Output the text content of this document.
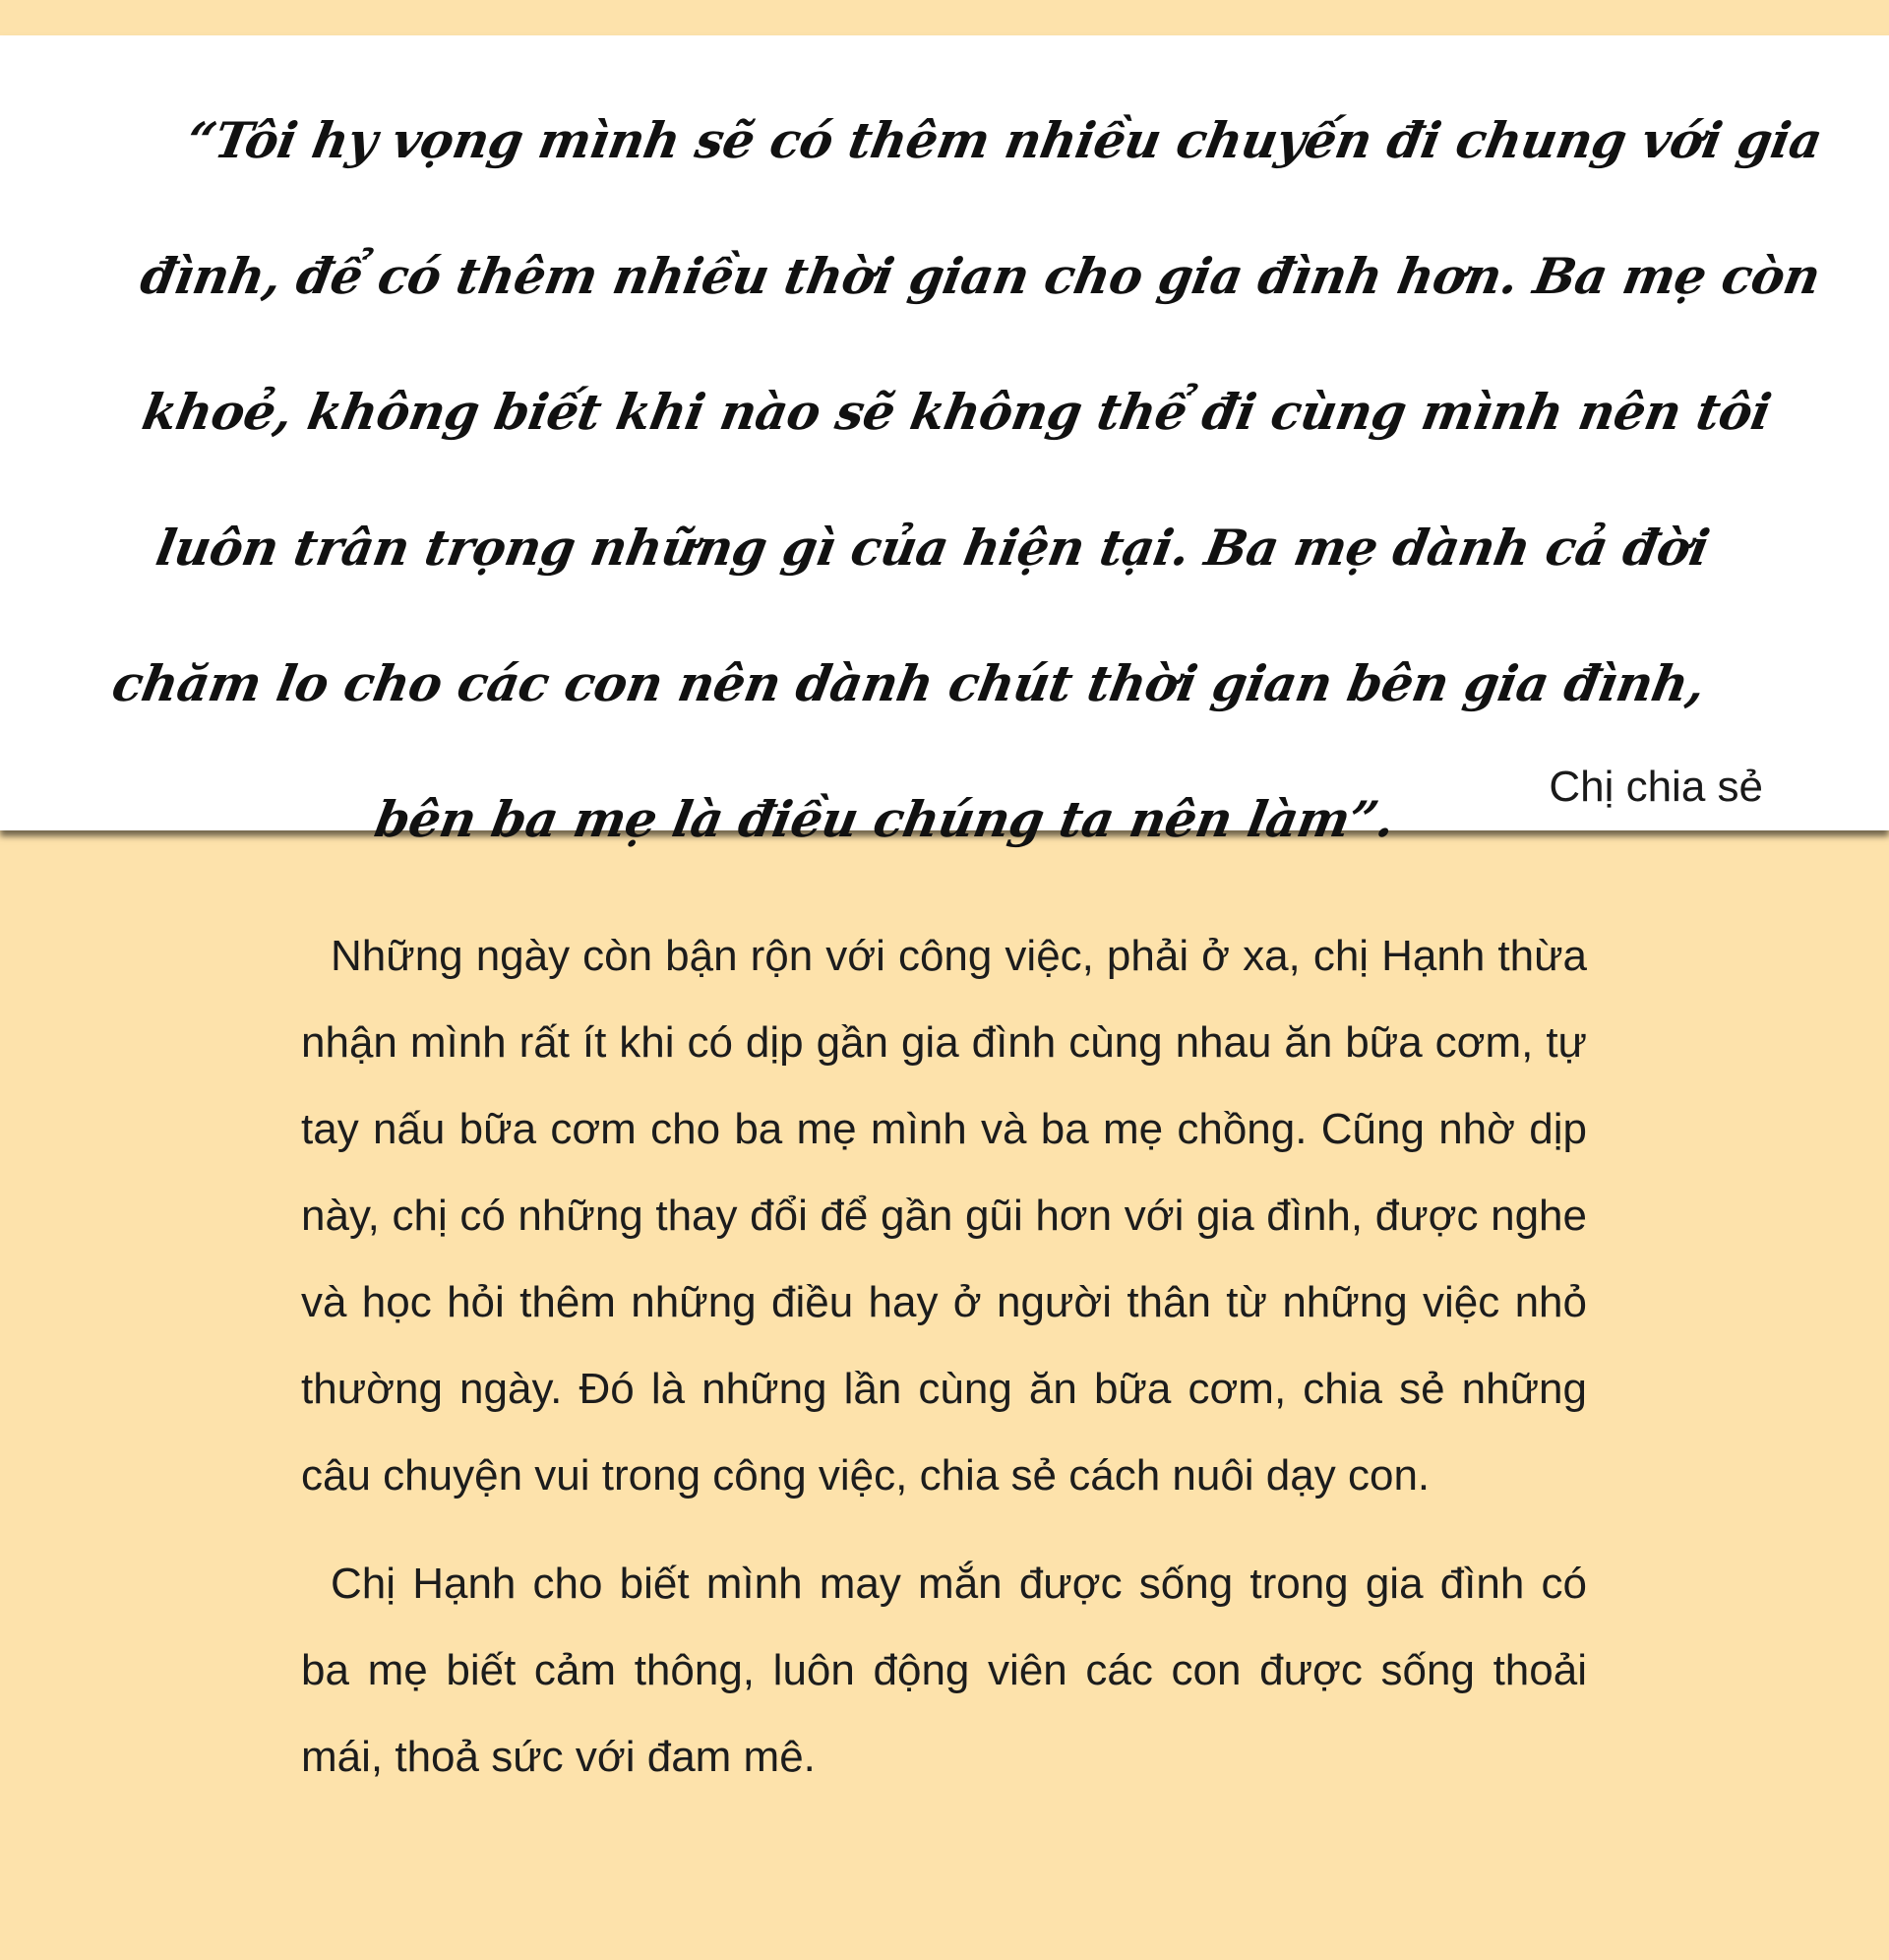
“Tôi hy vọng mình sẽ có thêm nhiều chuyến đi chung với gia đình, để có thêm nhiều thời gian cho gia đình hơn. Ba mẹ còn khoẻ, không biết khi nào sẽ không thể đi cùng mình nên tôi luôn trân trọng những gì của hiện tại. Ba mẹ dành cả đời chăm lo cho các con nên dành chút thời gian bên gia đình, bên ba mẹ là điều chúng ta nên làm”.

Chị chia sẻ

Những ngày còn bận rộn với công việc, phải ở xa, chị Hạnh thừa nhận mình rất ít khi có dịp gần gia đình cùng nhau ăn bữa cơm, tự tay nấu bữa cơm cho ba mẹ mình và ba mẹ chồng. Cũng nhờ dịp này, chị có những thay đổi để gần gũi hơn với gia đình, được nghe và học hỏi thêm những điều hay ở người thân từ những việc nhỏ thường ngày. Đó là những lần cùng ăn bữa cơm, chia sẻ những câu chuyện vui trong công việc, chia sẻ cách nuôi dạy con.

Chị Hạnh cho biết mình may mắn được sống trong gia đình có ba mẹ biết cảm thông, luôn động viên các con được sống thoải mái, thoả sức với đam mê.
